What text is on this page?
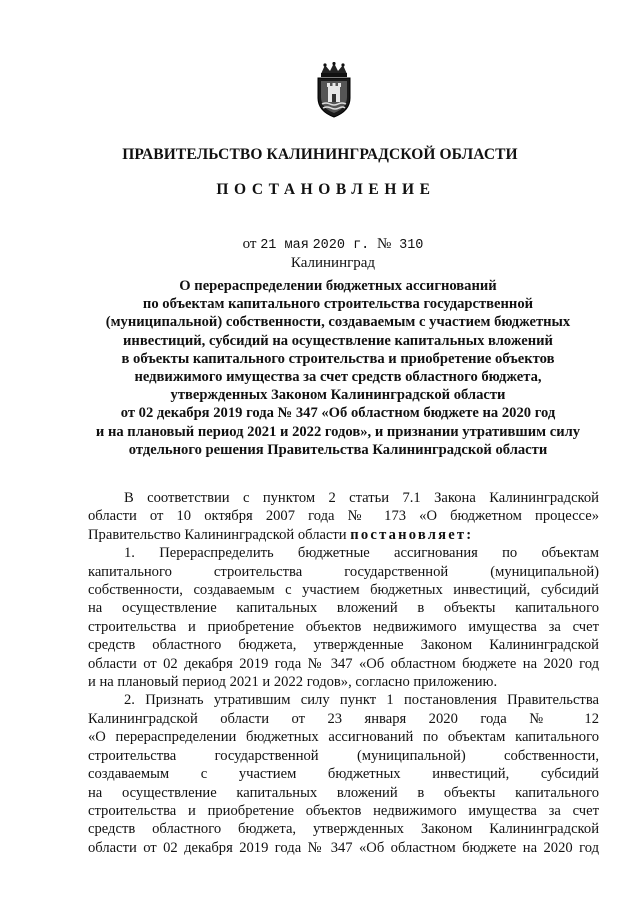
ПРАВИТЕЛЬСТВО КАЛИНИНГРАДСКОЙ ОБЛАСТИ
ПОСТАНОВЛЕНИЕ
от 21 мая 2020 г. № 310
Калининград
О перераспределении бюджетных ассигнований
по объектам капитального строительства государственной
(муниципальной) собственности, создаваемым с участием бюджетных
инвестиций, субсидий на осуществление капитальных вложений
в объекты капитального строительства и приобретение объектов
недвижимого имущества за счет средств областного бюджета,
утвержденных Законом Калининградской области
от 02 декабря 2019 года № 347 «Об областном бюджете на 2020 год
и на плановый период 2021 и 2022 годов», и признании утратившим силу
отдельного решения Правительства Калининградской области
В соответствии с пунктом 2 статьи 7.1 Закона Калининградской
области от 10 октября 2007 года № 173 «О бюджетном процессе»
Правительство Калининградской области постановляет:
1. Перераспределить бюджетные ассигнования по объектам
капитального строительства государственной (муниципальной)
собственности, создаваемым с участием бюджетных инвестиций, субсидий
на осуществление капитальных вложений в объекты капитального
строительства и приобретение объектов недвижимого имущества за счет
средств областного бюджета, утвержденные Законом Калининградской
области от 02 декабря 2019 года № 347 «Об областном бюджете на 2020 год
и на плановый период 2021 и 2022 годов», согласно приложению.
2. Признать утратившим силу пункт 1 постановления Правительства
Калининградской области от 23 января 2020 года № 12
«О перераспределении бюджетных ассигнований по объектам капитального
строительства государственной (муниципальной) собственности,
создаваемым с участием бюджетных инвестиций, субсидий
на осуществление капитальных вложений в объекты капитального
строительства и приобретение объектов недвижимого имущества за счет
средств областного бюджета, утвержденных Законом Калининградской
области от 02 декабря 2019 года № 347 «Об областном бюджете на 2020 год
